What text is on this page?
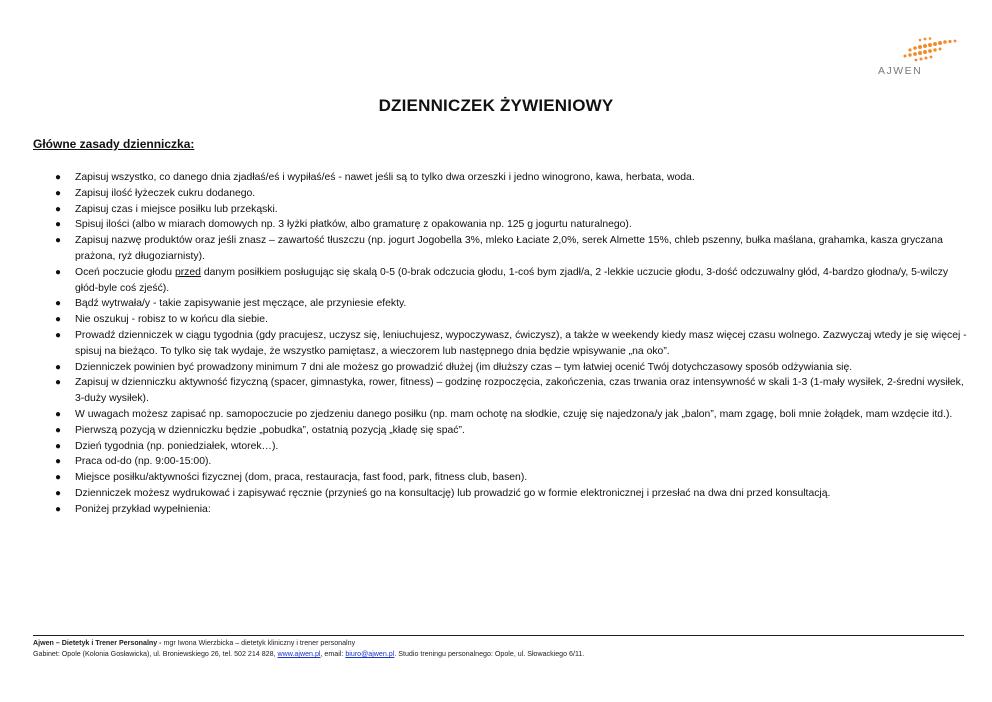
AJWEN
DZIENNICZEK ŻYWIENIOWY
Główne zasady dzienniczka:
● Zapisuj wszystko, co danego dnia zjadłaś/eś i wypiłaś/eś - nawet jeśli są to tylko dwa orzeszki i jedno winogrono, kawa, herbata, woda.
● Zapisuj ilość łyżeczek cukru dodanego.
● Zapisuj czas i miejsce posiłku lub przekąski.
● Spisuj ilości (albo w miarach domowych np. 3 łyżki płatków, albo gramaturę z opakowania np. 125 g jogurtu naturalnego).
● Zapisuj nazwę produktów oraz jeśli znasz – zawartość tłuszczu (np. jogurt Jogobella 3%, mleko Łaciate 2,0%, serek Almette 15%, chleb pszenny, bułka maślana, grahamka, kasza gryczana prażona, ryż długoziarnisty).
● Oceń poczucie głodu przed danym posiłkiem posługując się skalą 0-5 (0-brak odczucia głodu, 1-coś bym zjadł/a, 2 -lekkie uczucie głodu, 3-dość odczuwalny głód, 4-bardzo głodna/y, 5-wilczy głód-byle coś zjeść).
● Bądź wytrwała/y - takie zapisywanie jest męczące, ale przyniesie efekty.
● Nie oszukuj - robisz to w końcu dla siebie.
● Prowadź dzienniczek w ciągu tygodnia (gdy pracujesz, uczysz się, leniuchujesz, wypoczywasz, ćwiczysz), a także w weekendy kiedy masz więcej czasu wolnego. Zazwyczaj wtedy je się więcej - spisuj na bieżąco. To tylko się tak wydaje, że wszystko pamiętasz, a wieczorem lub następnego dnia będzie wpisywanie „na oko”.
● Dzienniczek powinien być prowadzony minimum 7 dni ale możesz go prowadzić dłużej (im dłuższy czas – tym łatwiej ocenić Twój dotychczasowy sposób odżywiania się.
● Zapisuj w dzienniczku aktywność fizyczną (spacer, gimnastyka, rower, fitness) – godzinę rozpoczęcia, zakończenia, czas trwania oraz intensywność w skali 1-3 (1-mały wysiłek, 2-średni wysiłek, 3-duży wysiłek).
● W uwagach możesz zapisać np. samopoczucie po zjedzeniu danego posiłku (np. mam ochotę na słodkie, czuję się najedzona/y jak „balon”, mam zgagę, boli mnie żołądek, mam wzdęcie itd.).
● Pierwszą pozycją w dzienniczku będzie „pobudka”, ostatnią pozycją „kładę się spać”.
● Dzień tygodnia (np. poniedziałek, wtorek…).
● Praca od-do (np. 9:00-15:00).
● Miejsce posiłku/aktywności fizycznej (dom, praca, restauracja, fast food, park, fitness club, basen).
● Dzienniczek możesz wydrukować i zapisywać ręcznie (przynieś go na konsultację) lub prowadzić go w formie elektronicznej i przesłać na dwa dni przed konsultacją.
● Poniżej przykład wypełnienia:
Ajwen – Dietetyk i Trener Personalny - mgr Iwona Wierzbicka – dietetyk kliniczny i trener personalny
Gabinet: Opole (Kolonia Gosławicka), ul. Broniewskiego 26, tel. 502 214 828, www.ajwen.pl, email: biuro@ajwen.pl. Studio treningu personalnego: Opole, ul. Słowackiego 6/11.
